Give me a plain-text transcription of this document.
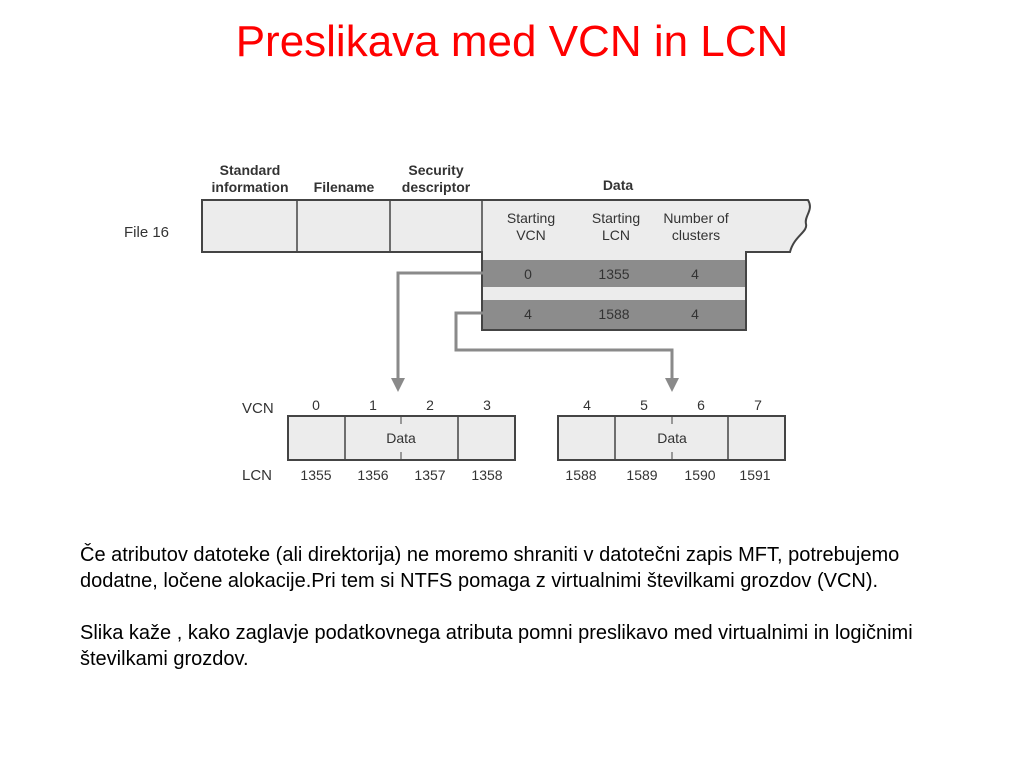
Preslikava med VCN in LCN
Standard
information Filename
Security
descriptor	Data
File 16
Starting
VCN
Starting
LCN
Number of
clusters
0	1355	4
4	1588	4
VCN
LCN
0	1	2	3
Data
1355 1356 1357 1358
4	5	6	7
Data
1588 1589 1590 1591

Če atributov datoteke (ali direktorija) ne moremo shraniti v datotečni zapis MFT, potrebujemo dodatne, ločene alokacije.Pri tem si NTFS pomaga z virtualnimi številkami grozdov (VCN).

Slika kaže , kako zaglavje podatkovnega atributa pomni preslikavo med virtualnimi in logičnimi številkami grozdov.
